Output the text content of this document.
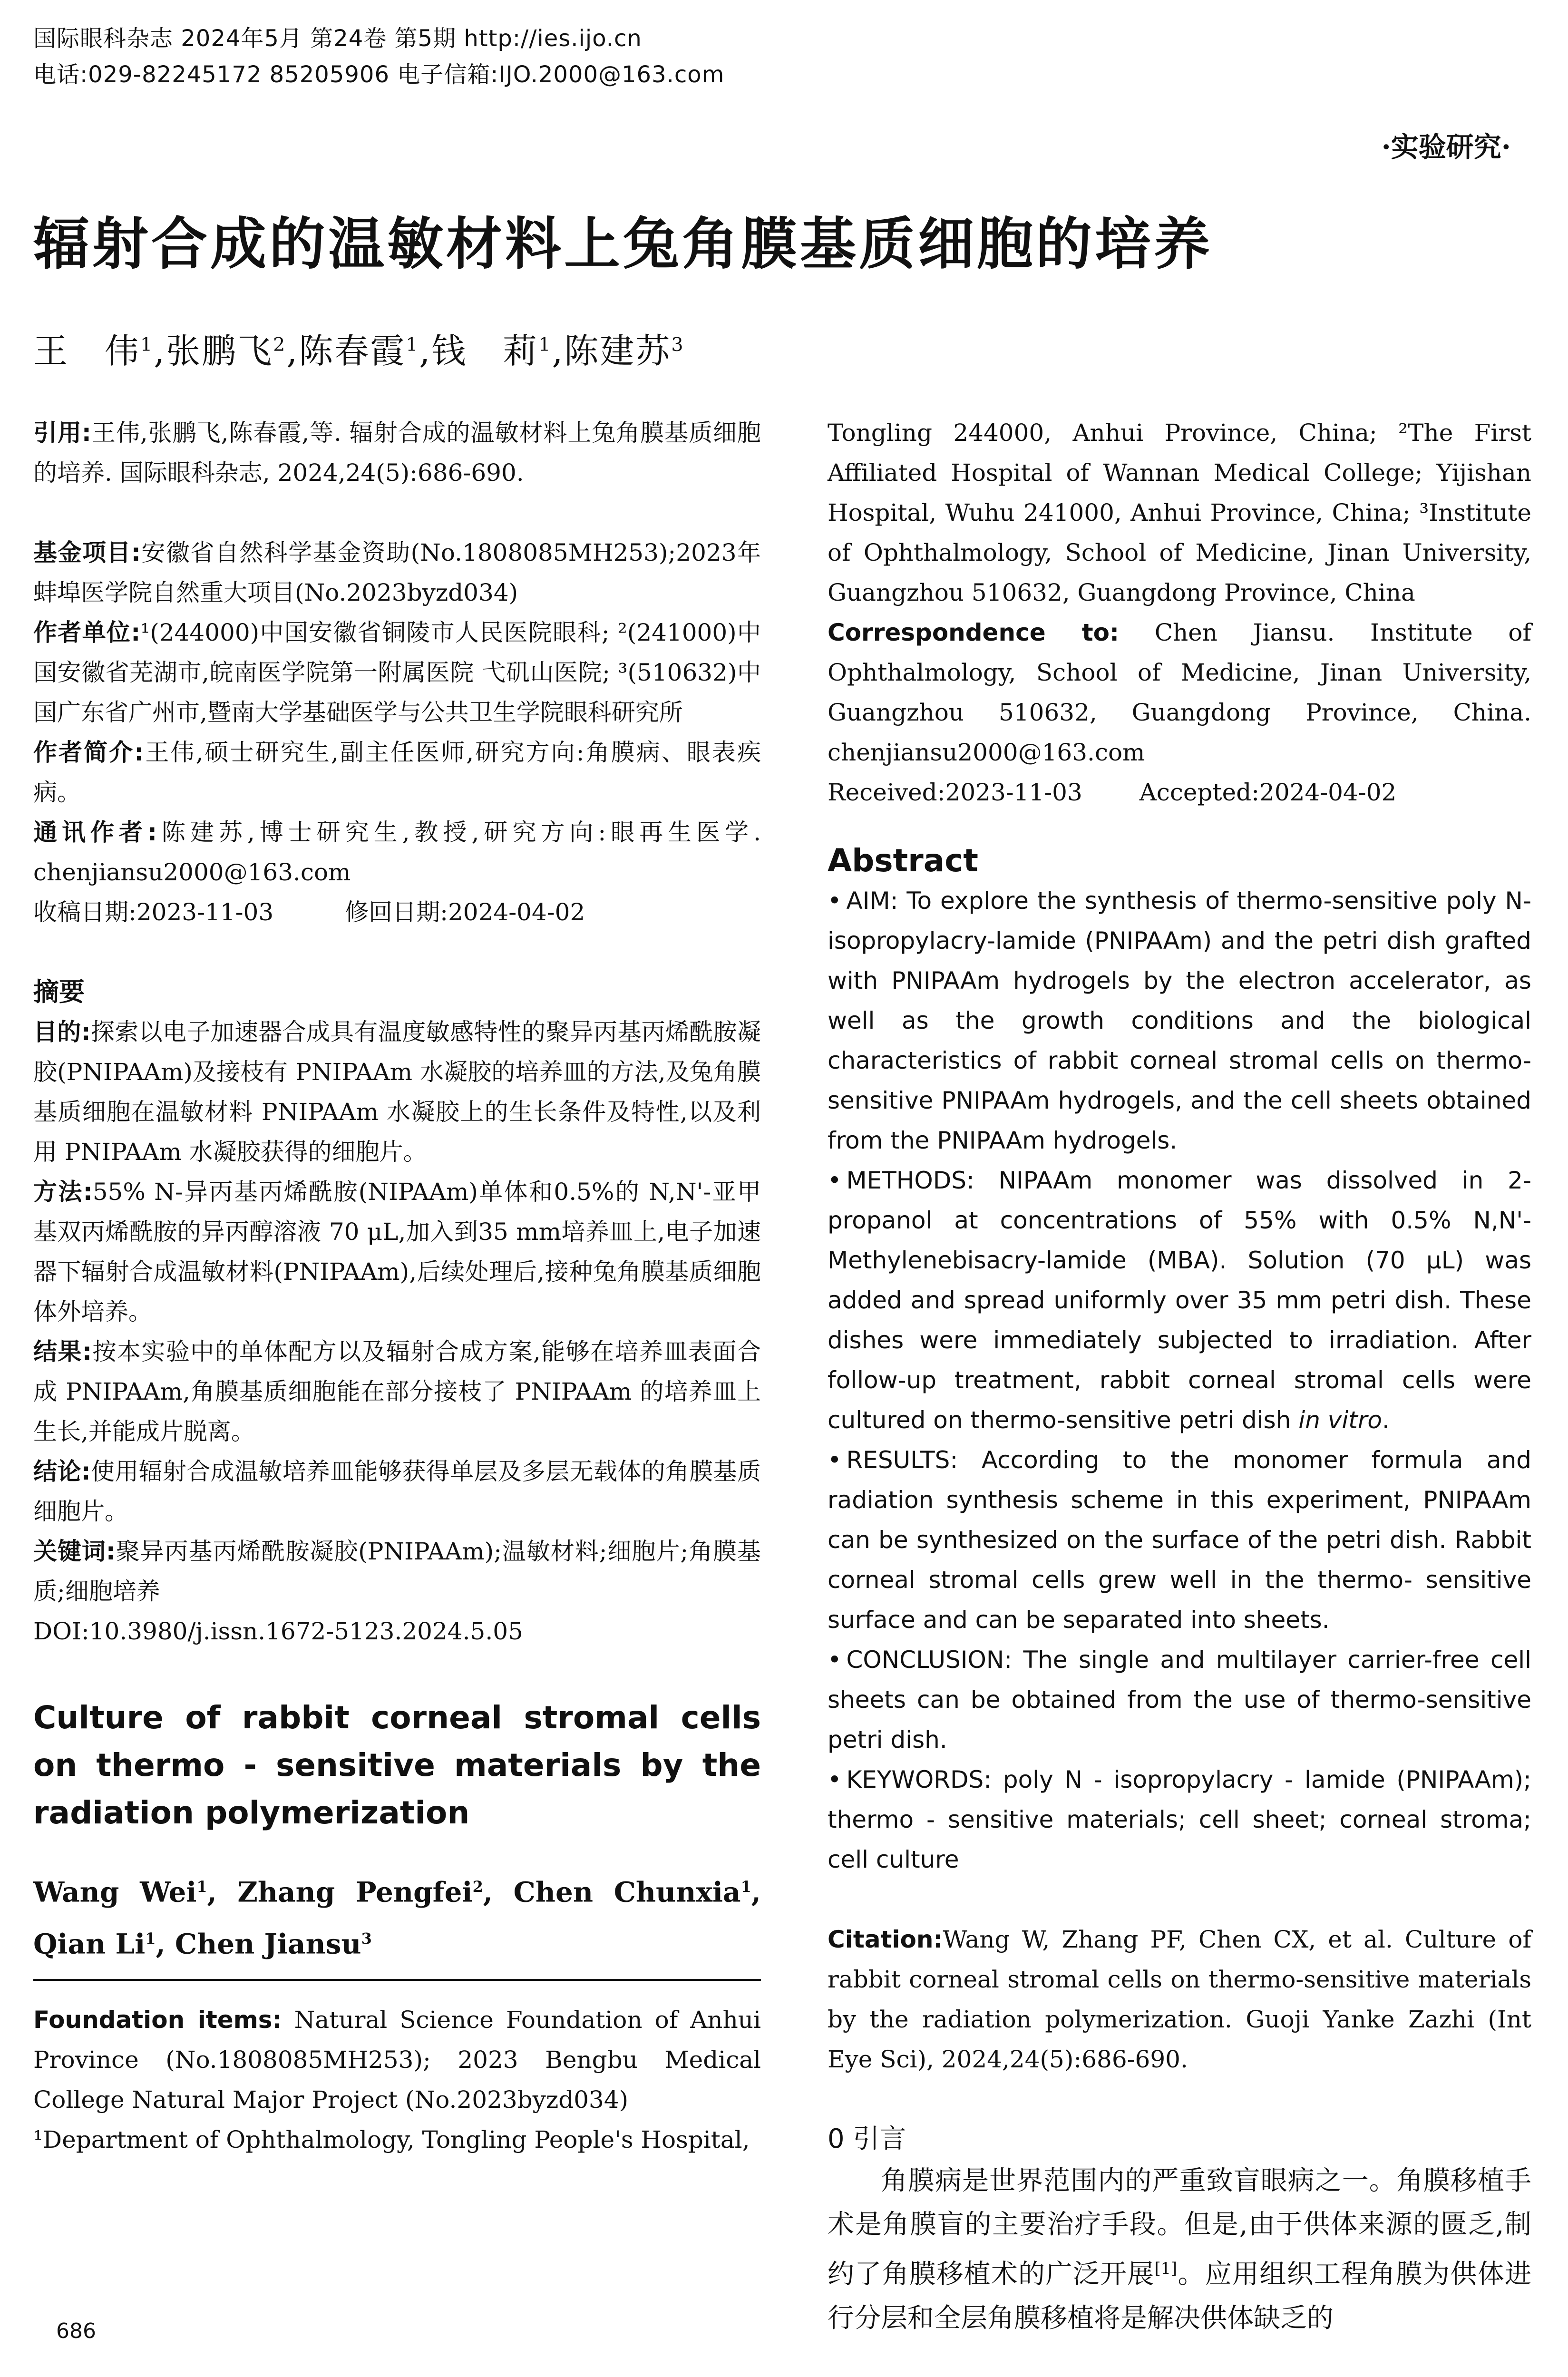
国际眼科杂志 2024年5月 第24卷 第5期 http://ies.ijo.cn
电话:029-82245172 85205906 电子信箱:IJO.2000@163.com
·实验研究·
辐射合成的温敏材料上兔角膜基质细胞的培养
王　伟$^1$,张鹏飞$^2$,陈春霞$^1$,钱　莉$^1$,陈建苏$^3$

引用:王伟,张鹏飞,陈春霞,等. 辐射合成的温敏材料上兔角膜基质细胞的培养. 国际眼科杂志, 2024,24(5):686-690.

基金项目:安徽省自然科学基金资助(No.1808085MH253);2023年蚌埠医学院自然重大项目(No.2023byzd034)

作者单位:¹(244000)中国安徽省铜陵市人民医院眼科; ²(241000)中国安徽省芜湖市,皖南医学院第一附属医院 弋矶山医院; ³(510632)中国广东省广州市,暨南大学基础医学与公共卫生学院眼科研究所

作者简介:王伟,硕士研究生,副主任医师,研究方向:角膜病、眼表疾病。

通讯作者:陈建苏,博士研究生,教授,研究方向:眼再生医学. chenjiansu2000@163.com

收稿日期:2023-11-03	修回日期:2024-04-02

摘要

目的:探索以电子加速器合成具有温度敏感特性的聚异丙基丙烯酰胺凝胶(PNIPAAm)及接枝有 PNIPAAm 水凝胶的培养皿的方法,及兔角膜基质细胞在温敏材料 PNIPAAm 水凝胶上的生长条件及特性,以及利用 PNIPAAm 水凝胶获得的细胞片。

方法:55% N-异丙基丙烯酰胺(NIPAAm)单体和0.5%的 N,N'-亚甲基双丙烯酰胺的异丙醇溶液 70 μL,加入到35 mm培养皿上,电子加速器下辐射合成温敏材料(PNIPAAm),后续处理后,接种兔角膜基质细胞体外培养。

结果:按本实验中的单体配方以及辐射合成方案,能够在培养皿表面合成 PNIPAAm,角膜基质细胞能在部分接枝了 PNIPAAm 的培养皿上生长,并能成片脱离。

结论:使用辐射合成温敏培养皿能够获得单层及多层无载体的角膜基质细胞片。

关键词:聚异丙基丙烯酰胺凝胶(PNIPAAm);温敏材料;细胞片;角膜基质;细胞培养

DOI:10.3980/j.issn.1672-5123.2024.5.05

Culture of rabbit corneal stromal cells on thermo - sensitive materials by the radiation polymerization

Wang Wei$^1$, Zhang Pengfei$^2$, Chen Chunxia$^1$, Qian Li$^1$, Chen Jiansu$^3$

Foundation items: Natural Science Foundation of Anhui Province (No.1808085MH253); 2023 Bengbu Medical College Natural Major Project (No.2023byzd034)

¹Department of Ophthalmology, Tongling People's Hospital,

Tongling 244000, Anhui Province, China; ²The First Affiliated Hospital of Wannan Medical College; Yijishan Hospital, Wuhu 241000, Anhui Province, China; ³Institute of Ophthalmology, School of Medicine, Jinan University, Guangzhou 510632, Guangdong Province, China

Correspondence to: Chen Jiansu. Institute of Ophthalmology, School of Medicine, Jinan University, Guangzhou 510632, Guangdong Province, China. chenjiansu2000@163.com

Received:2023-11-03 Accepted:2024-04-02

Abstract

• AIM: To explore the synthesis of thermo-sensitive poly N-isopropylacry-lamide (PNIPAAm) and the petri dish grafted with PNIPAAm hydrogels by the electron accelerator, as well as the growth conditions and the biological characteristics of rabbit corneal stromal cells on thermo-sensitive PNIPAAm hydrogels, and the cell sheets obtained from the PNIPAAm hydrogels.

• METHODS: NIPAAm monomer was dissolved in 2-propanol at concentrations of 55% with 0.5% N,N'-Methylenebisacry-lamide (MBA). Solution (70 μL) was added and spread uniformly over 35 mm petri dish. These dishes were immediately subjected to irradiation. After follow-up treatment, rabbit corneal stromal cells were cultured on thermo-sensitive petri dish in vitro.

• RESULTS: According to the monomer formula and radiation synthesis scheme in this experiment, PNIPAAm can be synthesized on the surface of the petri dish. Rabbit corneal stromal cells grew well in the thermo- sensitive surface and can be separated into sheets.

• CONCLUSION: The single and multilayer carrier-free cell sheets can be obtained from the use of thermo-sensitive petri dish.

• KEYWORDS: poly N - isopropylacry - lamide (PNIPAAm); thermo - sensitive materials; cell sheet; corneal stroma; cell culture

Citation:Wang W, Zhang PF, Chen CX, et al. Culture of rabbit corneal stromal cells on thermo-sensitive materials by the radiation polymerization. Guoji Yanke Zazhi (Int Eye Sci), 2024,24(5):686-690.

0 引言

角膜病是世界范围内的严重致盲眼病之一。角膜移植手术是角膜盲的主要治疗手段。但是,由于供体来源的匮乏,制约了角膜移植术的广泛开展[1]。应用组织工程角膜为供体进行分层和全层角膜移植将是解决供体缺乏的

686
